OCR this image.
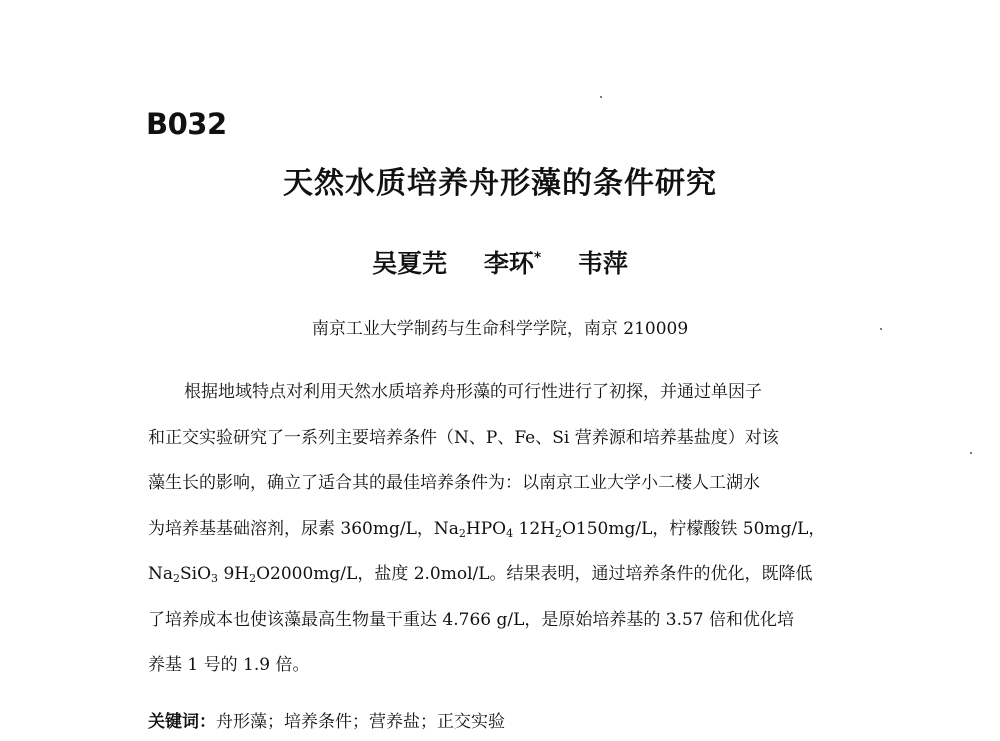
B032
天然水质培养舟形藻的条件研究
吴夏芫 李环* 韦萍
南京工业大学制药与生命科学学院，南京 210009
根据地域特点对利用天然水质培养舟形藻的可行性进行了初探，并通过单因子
和正交实验研究了一系列主要培养条件（N、P、Fe、Si 营养源和培养基盐度）对该
藻生长的影响，确立了适合其的最佳培养条件为：以南京工业大学小二楼人工湖水
为培养基基础溶剂，尿素 360mg/L，$Na_2HPO_4$ $12H_2O150mg/L$，柠檬酸铁 50mg/L，
$Na_2SiO_3$ $9H_2O2000mg/L$，盐度 2.0mol/L。结果表明，通过培养条件的优化，既降低
了培养成本也使该藻最高生物量干重达 4.766 g/L，是原始培养基的 3.57 倍和优化培
养基 1 号的 1.9 倍。
关键词：舟形藻；培养条件；营养盐；正交实验
